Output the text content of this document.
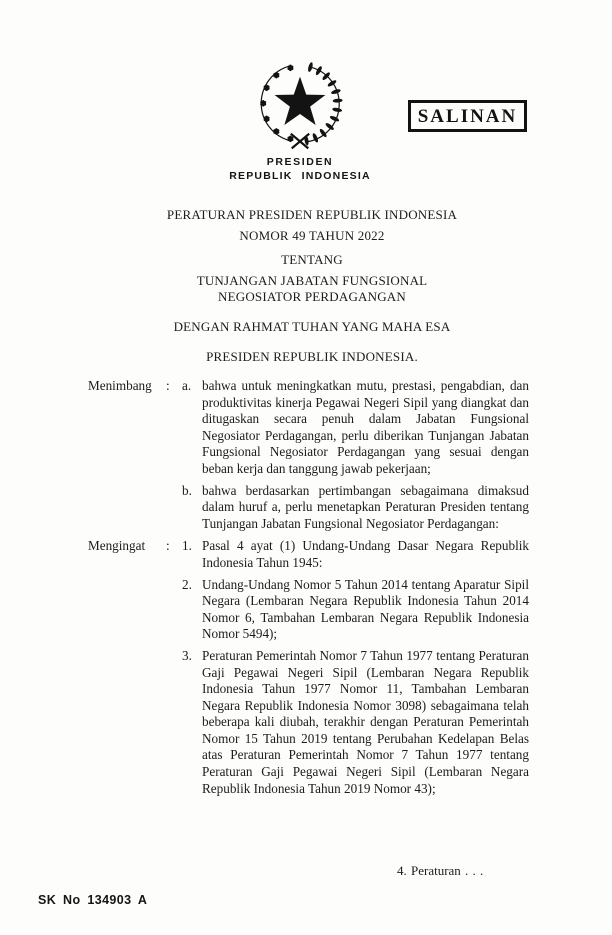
SALINAN
PRESIDEN
REPUBLIK INDONESIA
PERATURAN PRESIDEN REPUBLIK INDONESIA
NOMOR 49 TAHUN 2022
TENTANG
TUNJANGAN JABATAN FUNGSIONAL
NEGOSIATOR PERDAGANGAN
DENGAN RAHMAT TUHAN YANG MAHA ESA
PRESIDEN REPUBLIK INDONESIA.
Menimbang	: a. bahwa untuk meningkatkan mutu, prestasi, pengabdian, dan produktivitas kinerja Pegawai Negeri Sipil yang diangkat dan ditugaskan secara penuh dalam Jabatan Fungsional Negosiator Perdagangan, perlu diberikan Tunjangan Jabatan Fungsional Negosiator Perdagangan yang sesuai dengan beban kerja dan tanggung jawab pekerjaan;
b. bahwa berdasarkan pertimbangan sebagaimana dimaksud dalam huruf a, perlu menetapkan Peraturan Presiden tentang Tunjangan Jabatan Fungsional Negosiator Perdagangan:
Mengingat	: 1. Pasal 4 ayat (1) Undang-Undang Dasar Negara Republik Indonesia Tahun 1945:
2. Undang-Undang Nomor 5 Tahun 2014 tentang Aparatur Sipil Negara (Lembaran Negara Republik Indonesia Tahun 2014 Nomor 6, Tambahan Lembaran Negara Republik Indonesia Nomor 5494);
3. Peraturan Pemerintah Nomor 7 Tahun 1977 tentang Peraturan Gaji Pegawai Negeri Sipil (Lembaran Negara Republik Indonesia Tahun 1977 Nomor 11, Tambahan Lembaran Negara Republik Indonesia Nomor 3098) sebagaimana telah beberapa kali diubah, terakhir dengan Peraturan Pemerintah Nomor 15 Tahun 2019 tentang Perubahan Kedelapan Belas atas Peraturan Pemerintah Nomor 7 Tahun 1977 tentang Peraturan Gaji Pegawai Negeri Sipil (Lembaran Negara Republik Indonesia Tahun 2019 Nomor 43);
4. Peraturan . . .
SK No 134903 A
